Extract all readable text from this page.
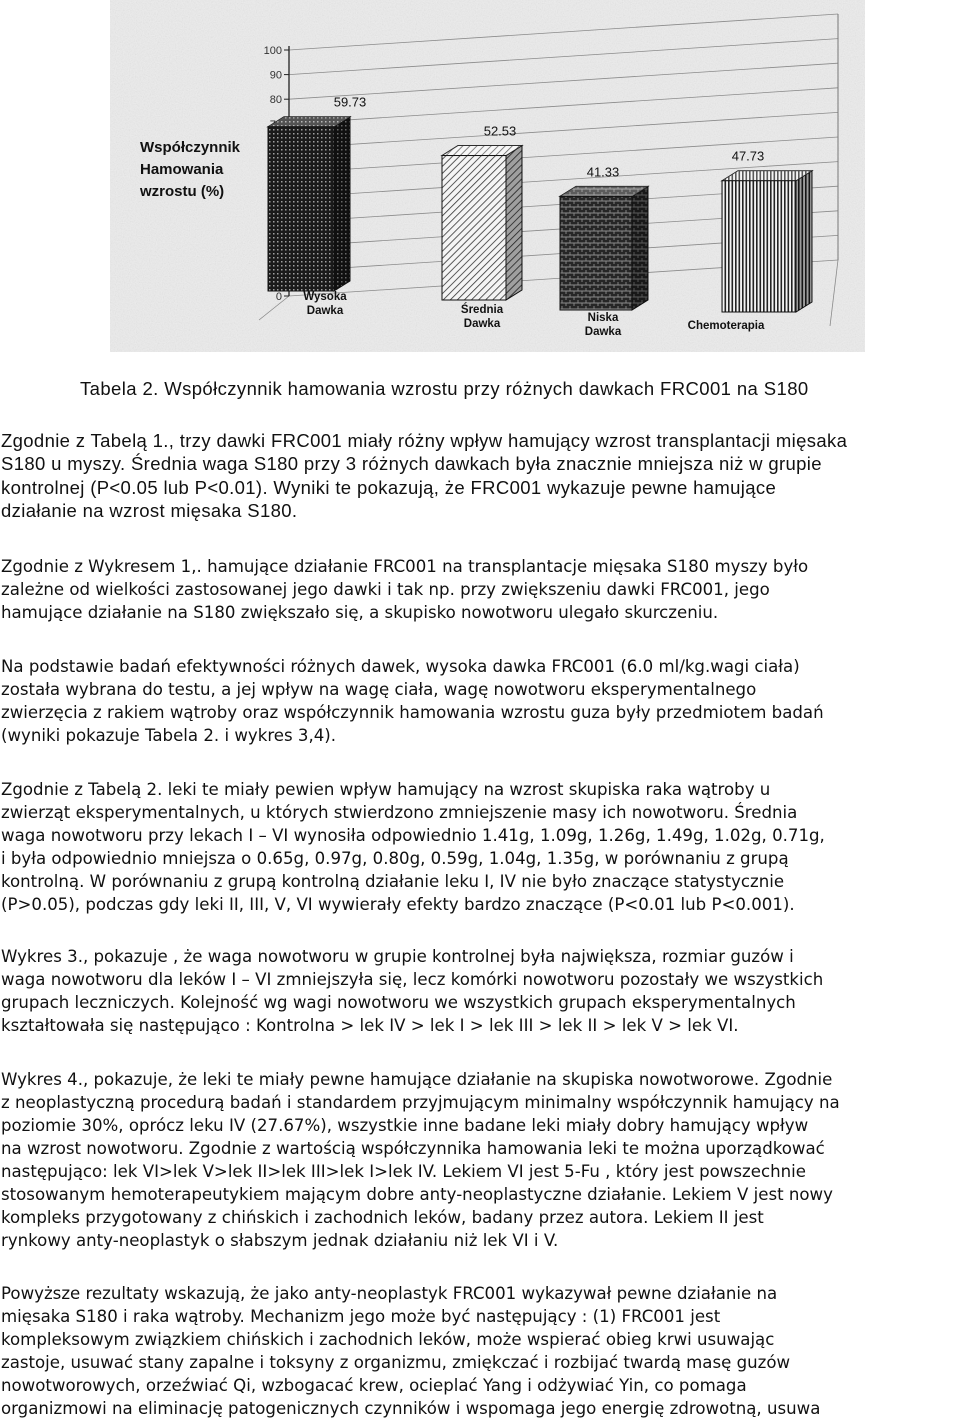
0
80
90
100
Współczynnik
Hamowania
wzrostu (%)
59.73
Wysoka Dawka
52.53
Średnia Dawka
41.33
Niska Dawka
47.73
Chemoterapia
Tabela 2. Współczynnik hamowania wzrostu przy różnych dawkach FRC001 na S180
Zgodnie z Tabelą 1., trzy dawki FRC001 miały różny wpływ hamujący wzrost transplantacji mięsaka
S180 u myszy. Średnia waga S180 przy 3 różnych dawkach była znacznie mniejsza niż w grupie
kontrolnej (P<0.05 lub P<0.01). Wyniki te pokazują, że FRC001 wykazuje pewne hamujące
działanie na wzrost mięsaka S180.
Zgodnie z Wykresem 1,. hamujące działanie FRC001 na transplantacje mięsaka S180 myszy było
zależne od wielkości zastosowanej jego dawki i tak np. przy zwiększeniu dawki FRC001, jego
hamujące działanie na S180 zwiększało się, a skupisko nowotworu ulegało skurczeniu.
Na podstawie badań efektywności różnych dawek, wysoka dawka FRC001 (6.0 ml/kg.wagi ciała)
została wybrana do testu, a jej wpływ na wagę ciała, wagę nowotworu eksperymentalnego
zwierzęcia z rakiem wątroby oraz współczynnik hamowania wzrostu guza były przedmiotem badań
(wyniki pokazuje Tabela 2. i wykres 3,4).
Zgodnie z Tabelą 2. leki te miały pewien wpływ hamujący na wzrost skupiska raka wątroby u
zwierząt eksperymentalnych, u których stwierdzono zmniejszenie masy ich nowotworu. Średnia
waga nowotworu przy lekach I – VI wynosiła odpowiednio 1.41g, 1.09g, 1.26g, 1.49g, 1.02g, 0.71g,
i była odpowiednio mniejsza o 0.65g, 0.97g, 0.80g, 0.59g, 1.04g, 1.35g, w porównaniu z grupą
kontrolną. W porównaniu z grupą kontrolną działanie leku I, IV nie było znaczące statystycznie
(P>0.05), podczas gdy leki II, III, V, VI wywierały efekty bardzo znaczące (P<0.01 lub P<0.001).
Wykres 3., pokazuje , że waga nowotworu w grupie kontrolnej była największa, rozmiar guzów i
waga nowotworu dla leków I – VI zmniejszyła się, lecz komórki nowotworu pozostały we wszystkich
grupach leczniczych. Kolejność wg wagi nowotworu we wszystkich grupach eksperymentalnych
kształtowała się następująco : Kontrolna > lek IV > lek I > lek III > lek II > lek V > lek VI.
Wykres 4., pokazuje, że leki te miały pewne hamujące działanie na skupiska nowotworowe. Zgodnie
z neoplastyczną procedurą badań i standardem przyjmującym minimalny współczynnik hamujący na
poziomie 30%, oprócz leku IV (27.67%), wszystkie inne badane leki miały dobry hamujący wpływ
na wzrost nowotworu. Zgodnie z wartością współczynnika hamowania leki te można uporządkować
następująco: lek VI>lek V>lek II>lek III>lek I>lek IV. Lekiem VI jest 5-Fu , który jest powszechnie
stosowanym hemoterapeutykiem mającym dobre anty-neoplastyczne działanie. Lekiem V jest nowy
kompleks przygotowany z chińskich i zachodnich leków, badany przez autora. Lekiem II jest
rynkowy anty-neoplastyk o słabszym jednak działaniu niż lek VI i V.
Powyższe rezultaty wskazują, że jako anty-neoplastyk FRC001 wykazywał pewne działanie na
mięsaka S180 i raka wątroby. Mechanizm jego może być następujący : (1) FRC001 jest
kompleksowym związkiem chińskich i zachodnich leków, może wspierać obieg krwi usuwając
zastoje, usuwać stany zapalne i toksyny z organizmu, zmiękczać i rozbijać twardą masę guzów
nowotworowych, orzeźwiać Qi, wzbogacać krew, ocieplać Yang i odżywiać Yin, co pomaga
organizmowi na eliminację patogenicznych czynników i wspomaga jego energię zdrowotną, usuwa
